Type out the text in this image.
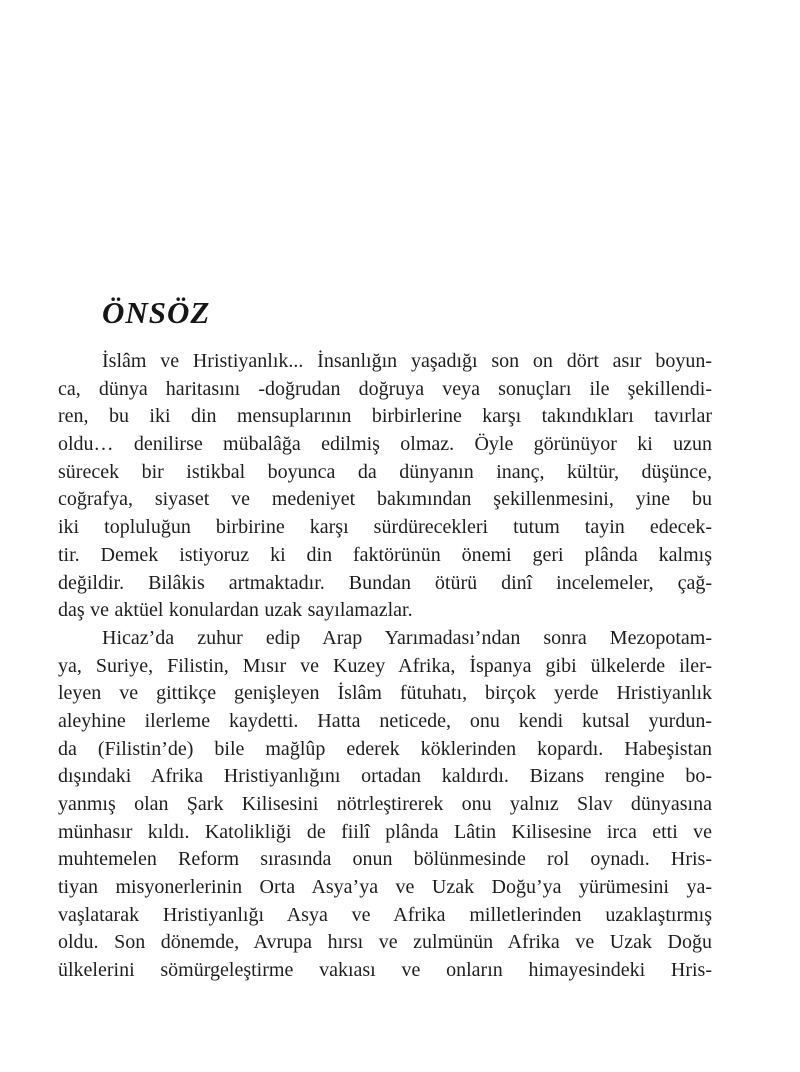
ÖNSÖZ
İslâm ve Hristiyanlık... İnsanlığın yaşadığı son on dört asır boyun-
ca, dünya haritasını -doğrudan doğruya veya sonuçları ile şekillendi-
ren, bu iki din mensuplarının birbirlerine karşı takındıkları tavırlar
oldu… denilirse mübalâğa edilmiş olmaz. Öyle görünüyor ki uzun
sürecek bir istikbal boyunca da dünyanın inanç, kültür, düşünce,
coğrafya, siyaset ve medeniyet bakımından şekillenmesini, yine bu
iki topluluğun birbirine karşı sürdürecekleri tutum tayin edecek-
tir. Demek istiyoruz ki din faktörünün önemi geri plânda kalmış
değildir. Bilâkis artmaktadır. Bundan ötürü dinî incelemeler, çağ-
daş ve aktüel konulardan uzak sayılamazlar.
Hicaz’da zuhur edip Arap Yarımadası’ndan sonra Mezopotam-
ya, Suriye, Filistin, Mısır ve Kuzey Afrika, İspanya gibi ülkelerde iler-
leyen ve gittikçe genişleyen İslâm fütuhatı, birçok yerde Hristiyanlık
aleyhine ilerleme kaydetti. Hatta neticede, onu kendi kutsal yurdun-
da (Filistin’de) bile mağlûp ederek köklerinden kopardı. Habeşistan
dışındaki Afrika Hristiyanlığını ortadan kaldırdı. Bizans rengine bo-
yanmış olan Şark Kilisesini nötrleştirerek onu yalnız Slav dünyasına
münhasır kıldı. Katolikliği de fiilî plânda Lâtin Kilisesine irca etti ve
muhtemelen Reform sırasında onun bölünmesinde rol oynadı. Hris-
tiyan misyonerlerinin Orta Asya’ya ve Uzak Doğu’ya yürümesini ya-
vaşlatarak Hristiyanlığı Asya ve Afrika milletlerinden uzaklaştırmış
oldu. Son dönemde, Avrupa hırsı ve zulmünün Afrika ve Uzak Doğu
ülkelerini sömürgeleştirme vakıası ve onların himayesindeki Hris-
